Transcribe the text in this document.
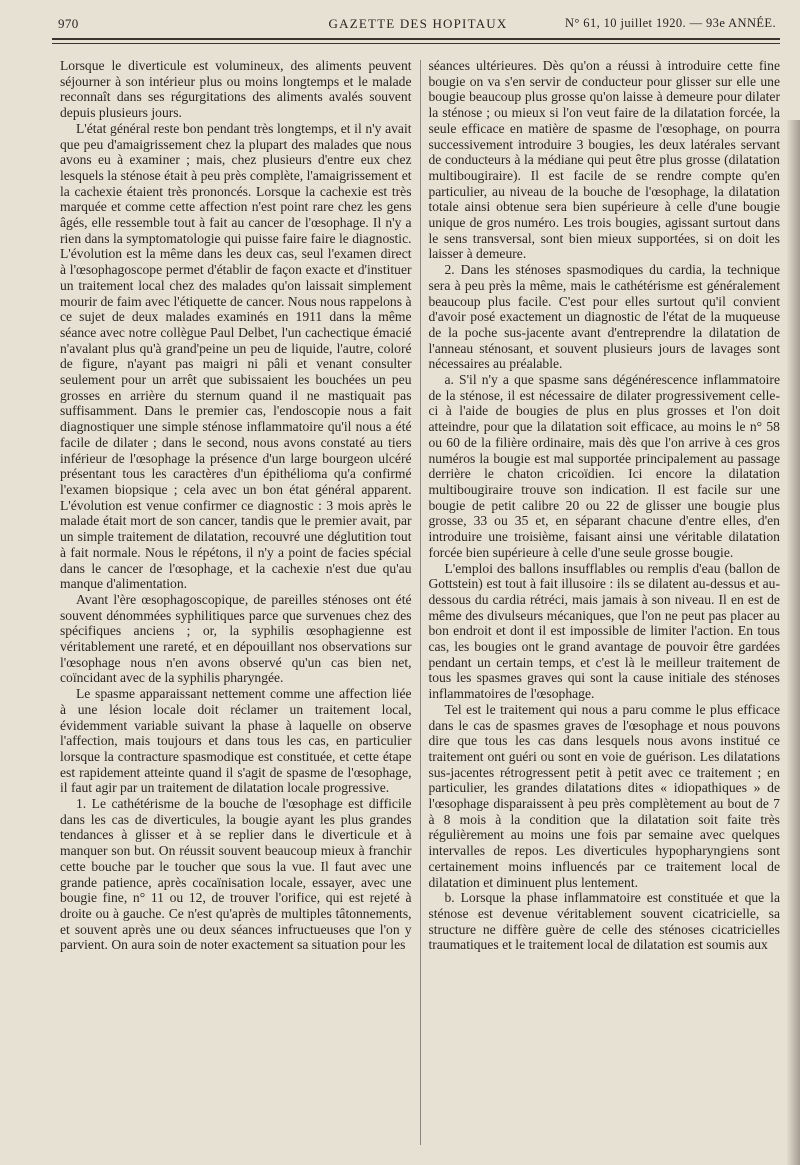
970	GAZETTE DES HOPITAUX	N° 61, 10 juillet 1920. — 93e ANNÉE.

Lorsque le diverticule est volumineux, des aliments peuvent séjourner à son intérieur plus ou moins longtemps et le malade reconnaît dans ses régurgitations des aliments avalés souvent depuis plusieurs jours.

L'état général reste bon pendant très longtemps, et il n'y avait que peu d'amaigrissement chez la plupart des malades que nous avons eu à examiner ; mais, chez plusieurs d'entre eux chez lesquels la sténose était à peu près complète, l'amaigrissement et la cachexie étaient très prononcés. Lorsque la cachexie est très marquée et comme cette affection n'est point rare chez les gens âgés, elle ressemble tout à fait au cancer de l'œsophage. Il n'y a rien dans la symptomatologie qui puisse faire faire le diagnostic. L'évolution est la même dans les deux cas, seul l'examen direct à l'œsophagoscope permet d'établir de façon exacte et d'instituer un traitement local chez des malades qu'on laissait simplement mourir de faim avec l'étiquette de cancer. Nous nous rappelons à ce sujet de deux malades examinés en 1911 dans la même séance avec notre collègue Paul Delbet, l'un cachectique émacié n'avalant plus qu'à grand'peine un peu de liquide, l'autre, coloré de figure, n'ayant pas maigri ni pâli et venant consulter seulement pour un arrêt que subissaient les bouchées un peu grosses en arrière du sternum quand il ne mastiquait pas suffisamment. Dans le premier cas, l'endoscopie nous a fait diagnostiquer une simple sténose inflammatoire qu'il nous a été facile de dilater ; dans le second, nous avons constaté au tiers inférieur de l'œsophage la présence d'un large bourgeon ulcéré présentant tous les caractères d'un épithélioma qu'a confirmé l'examen biopsique ; cela avec un bon état général apparent. L'évolution est venue confirmer ce diagnostic : 3 mois après le malade était mort de son cancer, tandis que le premier avait, par un simple traitement de dilatation, recouvré une déglutition tout à fait normale. Nous le répétons, il n'y a point de facies spécial dans le cancer de l'œsophage, et la cachexie n'est due qu'au manque d'alimentation.

Avant l'ère œsophagoscopique, de pareilles sténoses ont été souvent dénommées syphilitiques parce que survenues chez des spécifiques anciens ; or, la syphilis œsophagienne est véritablement une rareté, et en dépouillant nos observations sur l'œsophage nous n'en avons observé qu'un cas bien net, coïncidant avec de la syphilis pharyngée.

Le spasme apparaissant nettement comme une affection liée à une lésion locale doit réclamer un traitement local, évidemment variable suivant la phase à laquelle on observe l'affection, mais toujours et dans tous les cas, en particulier lorsque la contracture spasmodique est constituée, et cette étape est rapidement atteinte quand il s'agit de spasme de l'œsophage, il faut agir par un traitement de dilatation locale progressive.

1. Le cathétérisme de la bouche de l'œsophage est difficile dans les cas de diverticules, la bougie ayant les plus grandes tendances à glisser et à se replier dans le diverticule et à manquer son but. On réussit souvent beaucoup mieux à franchir cette bouche par le toucher que sous la vue. Il faut avec une grande patience, après cocaïnisation locale, essayer, avec une bougie fine, n° 11 ou 12, de trouver l'orifice, qui est rejeté à droite ou à gauche. Ce n'est qu'après de multiples tâtonnements, et souvent après une ou deux séances infructueuses que l'on y parvient. On aura soin de noter exactement sa situation pour les

séances ultérieures. Dès qu'on a réussi à introduire cette fine bougie on va s'en servir de conducteur pour glisser sur elle une bougie beaucoup plus grosse qu'on laisse à demeure pour dilater la sténose ; ou mieux si l'on veut faire de la dilatation forcée, la seule efficace en matière de spasme de l'œsophage, on pourra successivement introduire 3 bougies, les deux latérales servant de conducteurs à la médiane qui peut être plus grosse (dilatation multibougiraire). Il est facile de se rendre compte qu'en particulier, au niveau de la bouche de l'œsophage, la dilatation totale ainsi obtenue sera bien supérieure à celle d'une bougie unique de gros numéro. Les trois bougies, agissant surtout dans le sens transversal, sont bien mieux supportées, si on doit les laisser à demeure.

2. Dans les sténoses spasmodiques du cardia, la technique sera à peu près la même, mais le cathétérisme est généralement beaucoup plus facile. C'est pour elles surtout qu'il convient d'avoir posé exactement un diagnostic de l'état de la muqueuse de la poche sus-jacente avant d'entreprendre la dilatation de l'anneau sténosant, et souvent plusieurs jours de lavages sont nécessaires au préalable.

a. S'il n'y a que spasme sans dégénérescence inflammatoire de la sténose, il est nécessaire de dilater progressivement celle-ci à l'aide de bougies de plus en plus grosses et l'on doit atteindre, pour que la dilatation soit efficace, au moins le n° 58 ou 60 de la filière ordinaire, mais dès que l'on arrive à ces gros numéros la bougie est mal supportée principalement au passage derrière le chaton cricoïdien. Ici encore la dilatation multibougiraire trouve son indication. Il est facile sur une bougie de petit calibre 20 ou 22 de glisser une bougie plus grosse, 33 ou 35 et, en séparant chacune d'entre elles, d'en introduire une troisième, faisant ainsi une véritable dilatation forcée bien supérieure à celle d'une seule grosse bougie.

L'emploi des ballons insufflables ou remplis d'eau (ballon de Gottstein) est tout à fait illusoire : ils se dilatent au-dessus et au-dessous du cardia rétréci, mais jamais à son niveau. Il en est de même des divulseurs mécaniques, que l'on ne peut pas placer au bon endroit et dont il est impossible de limiter l'action. En tous cas, les bougies ont le grand avantage de pouvoir être gardées pendant un certain temps, et c'est là le meilleur traitement de tous les spasmes graves qui sont la cause initiale des sténoses inflammatoires de l'œsophage.

Tel est le traitement qui nous a paru comme le plus efficace dans le cas de spasmes graves de l'œsophage et nous pouvons dire que tous les cas dans lesquels nous avons institué ce traitement ont guéri ou sont en voie de guérison. Les dilatations sus-jacentes rétrogressent petit à petit avec ce traitement ; en particulier, les grandes dilatations dites « idiopathiques » de l'œsophage disparaissent à peu près complètement au bout de 7 à 8 mois à la condition que la dilatation soit faite très régulièrement au moins une fois par semaine avec quelques intervalles de repos. Les diverticules hypopharyngiens sont certainement moins influencés par ce traitement local de dilatation et diminuent plus lentement.

b. Lorsque la phase inflammatoire est constituée et que la sténose est devenue véritablement souvent cicatricielle, sa structure ne diffère guère de celle des sténoses cicatricielles traumatiques et le traitement local de dilatation est soumis aux
